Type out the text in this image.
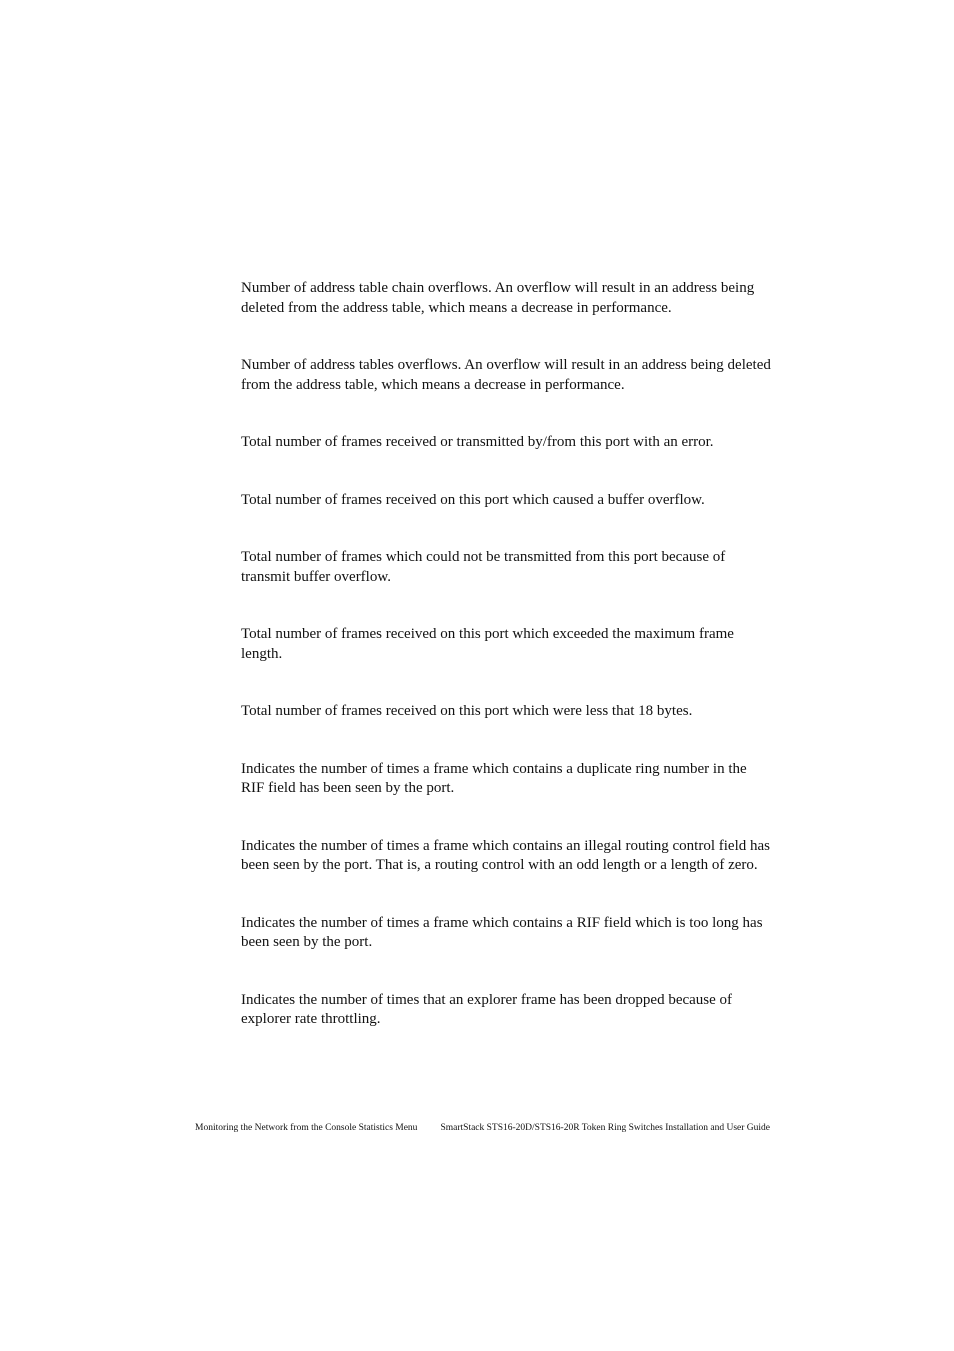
Number of address table chain overflows. An overflow will result in an address being deleted from the address table, which means a decrease in performance.
Number of address tables overflows. An overflow will result in an address being deleted from the address table, which means a decrease in performance.
Total number of frames received or transmitted by/from this port with an error.
Total number of frames received on this port which caused a buffer overflow.
Total number of frames which could not be transmitted from this port because of transmit buffer overflow.
Total number of frames received on this port which exceeded the maximum frame length.
Total number of frames received on this port which were less that 18 bytes.
Indicates the number of times a frame which contains a duplicate ring number in the RIF field has been seen by the port.
Indicates the number of times a frame which contains an illegal routing control field has been seen by the port. That is, a routing control with an odd length or a length of zero.
Indicates the number of times a frame which contains a RIF field which is too long has been seen by the port.
Indicates the number of times that an explorer frame has been dropped because of explorer rate throttling.
Monitoring the Network from the Console Statistics Menu SmartStack STS16-20D/STS16-20R Token Ring Switches Installation and User Guide
